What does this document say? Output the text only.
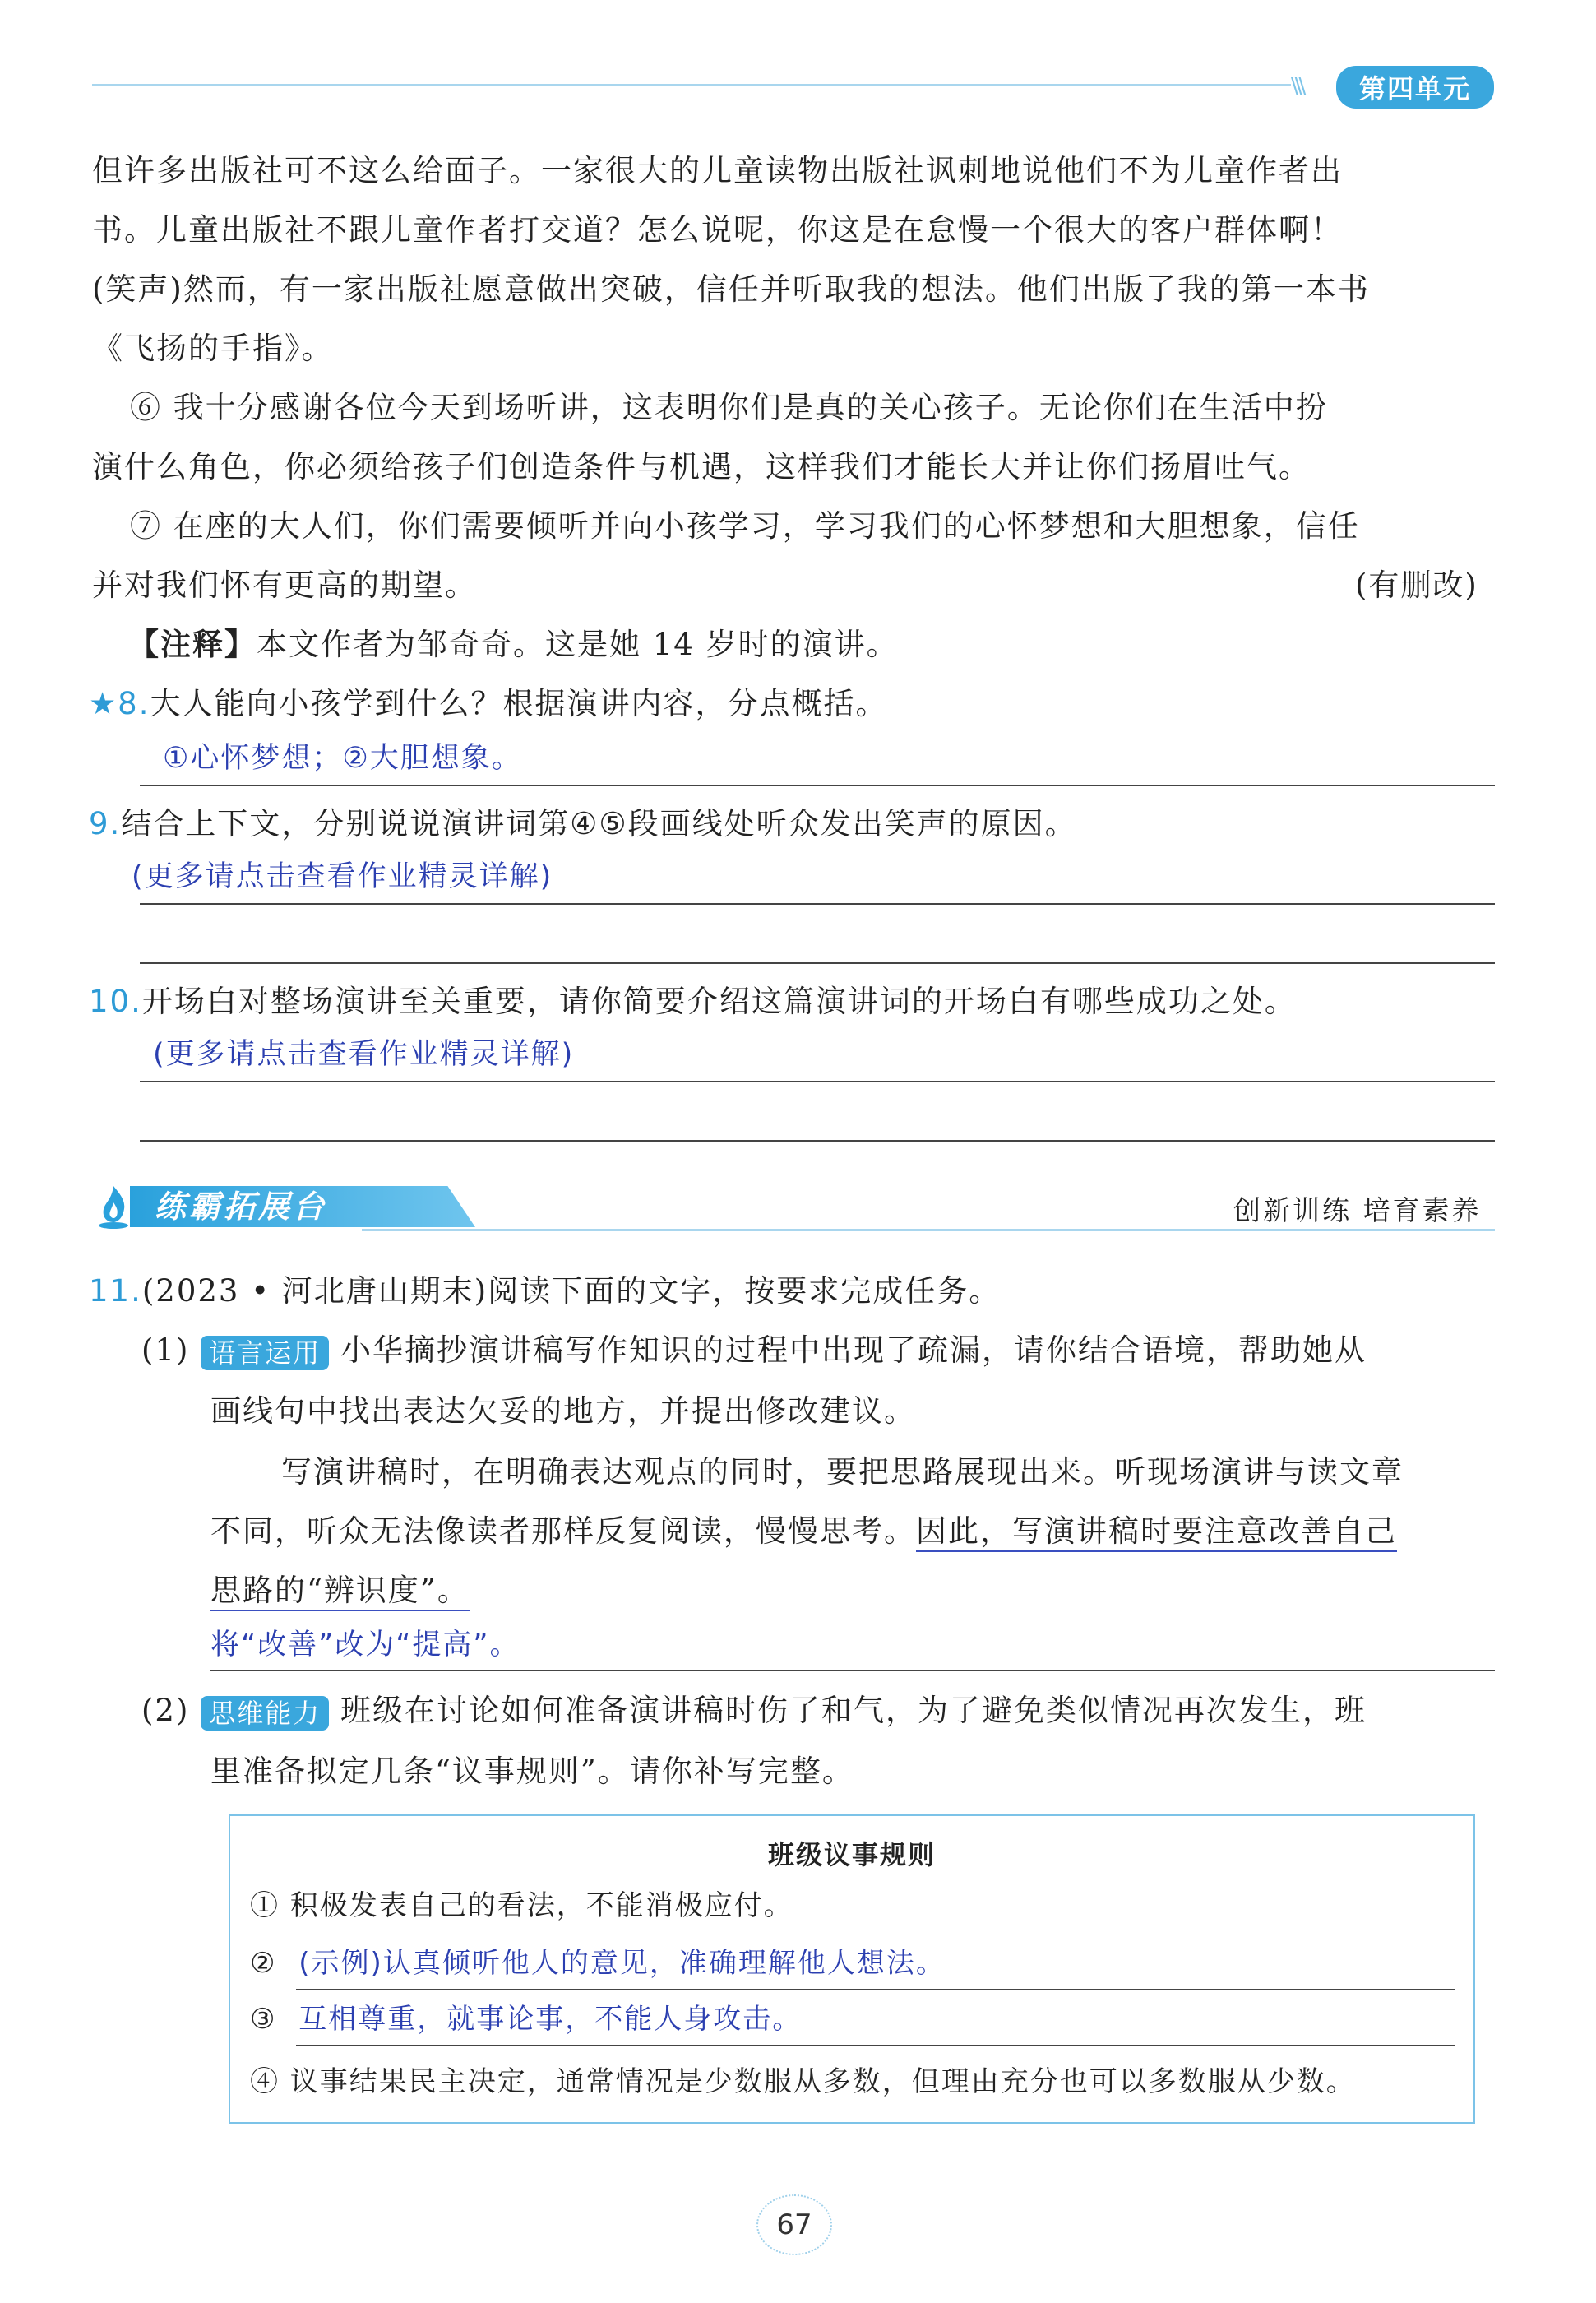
\\\	第四单元
但许多出版社可不这么给面子。一家很大的儿童读物出版社讽刺地说他们不为儿童作者出
书。儿童出版社不跟儿童作者打交道？怎么说呢，你这是在怠慢一个很大的客户群体啊！
(笑声)然而，有一家出版社愿意做出突破，信任并听取我的想法。他们出版了我的第一本书
《飞扬的手指》。
⑥ 我十分感谢各位今天到场听讲，这表明你们是真的关心孩子。无论你们在生活中扮
演什么角色，你必须给孩子们创造条件与机遇，这样我们才能长大并让你们扬眉吐气。
⑦ 在座的大人们，你们需要倾听并向小孩学习，学习我们的心怀梦想和大胆想象，信任
并对我们怀有更高的期望。	(有删改)
【注释】本文作者为邹奇奇。这是她 14 岁时的演讲。
★8.大人能向小孩学到什么？根据演讲内容，分点概括。
①心怀梦想；②大胆想象。
9.结合上下文，分别说说演讲词第④⑤段画线处听众发出笑声的原因。
(更多请点击查看作业精灵详解)
10.开场白对整场演讲至关重要，请你简要介绍这篇演讲词的开场白有哪些成功之处。
(更多请点击查看作业精灵详解)
练霸拓展台	创新训练 培育素养
11.(2023 • 河北唐山期末)阅读下面的文字，按要求完成任务。
(1) 语言运用 小华摘抄演讲稿写作知识的过程中出现了疏漏，请你结合语境，帮助她从
画线句中找出表达欠妥的地方，并提出修改建议。
写演讲稿时，在明确表达观点的同时，要把思路展现出来。听现场演讲与读文章
不同，听众无法像读者那样反复阅读，慢慢思考。因此，写演讲稿时要注意改善自己
思路的“辨识度”。
将“改善”改为“提高”。
(2) 思维能力 班级在讨论如何准备演讲稿时伤了和气，为了避免类似情况再次发生，班
里准备拟定几条“议事规则”。请你补写完整。
班级议事规则
① 积极发表自己的看法，不能消极应付。
② (示例)认真倾听他人的意见，准确理解他人想法。
③ 互相尊重，就事论事，不能人身攻击。
④ 议事结果民主决定，通常情况是少数服从多数，但理由充分也可以多数服从少数。
67
